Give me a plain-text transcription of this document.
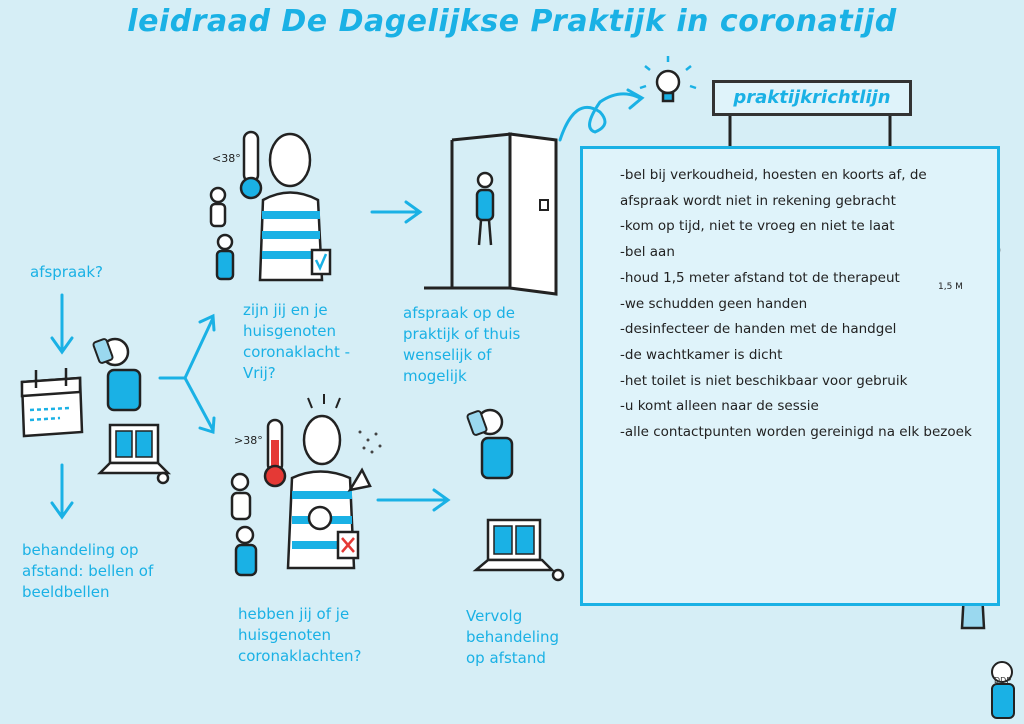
leidraad De Dagelijkse Praktijk in coronatijd
afspraak?
behandeling op afstand: bellen of beeldbellen
zijn jij en je huisgenoten coronaklacht -Vrij?
hebben jij of je huisgenoten coronaklachten?
afspraak op de praktijk of thuis wenselijk of mogelijk
Vervolg behandeling op afstand
<38°
>38°
praktijkrichtlijn

-bel bij verkoudheid, hoesten en koorts af, de afspraak wordt niet in rekening gebracht

-kom op tijd, niet te vroeg en niet te laat

-bel aan

-houd 1,5 meter afstand tot de therapeut

-we schudden geen handen

-desinfecteer de handen met de handgel

-de wachtkamer is dicht

-het toilet is niet beschikbaar voor gebruik

-u komt alleen naar de sessie

-alle contactpunten worden gereinigd na elk bezoek

1,5 M
DDP
